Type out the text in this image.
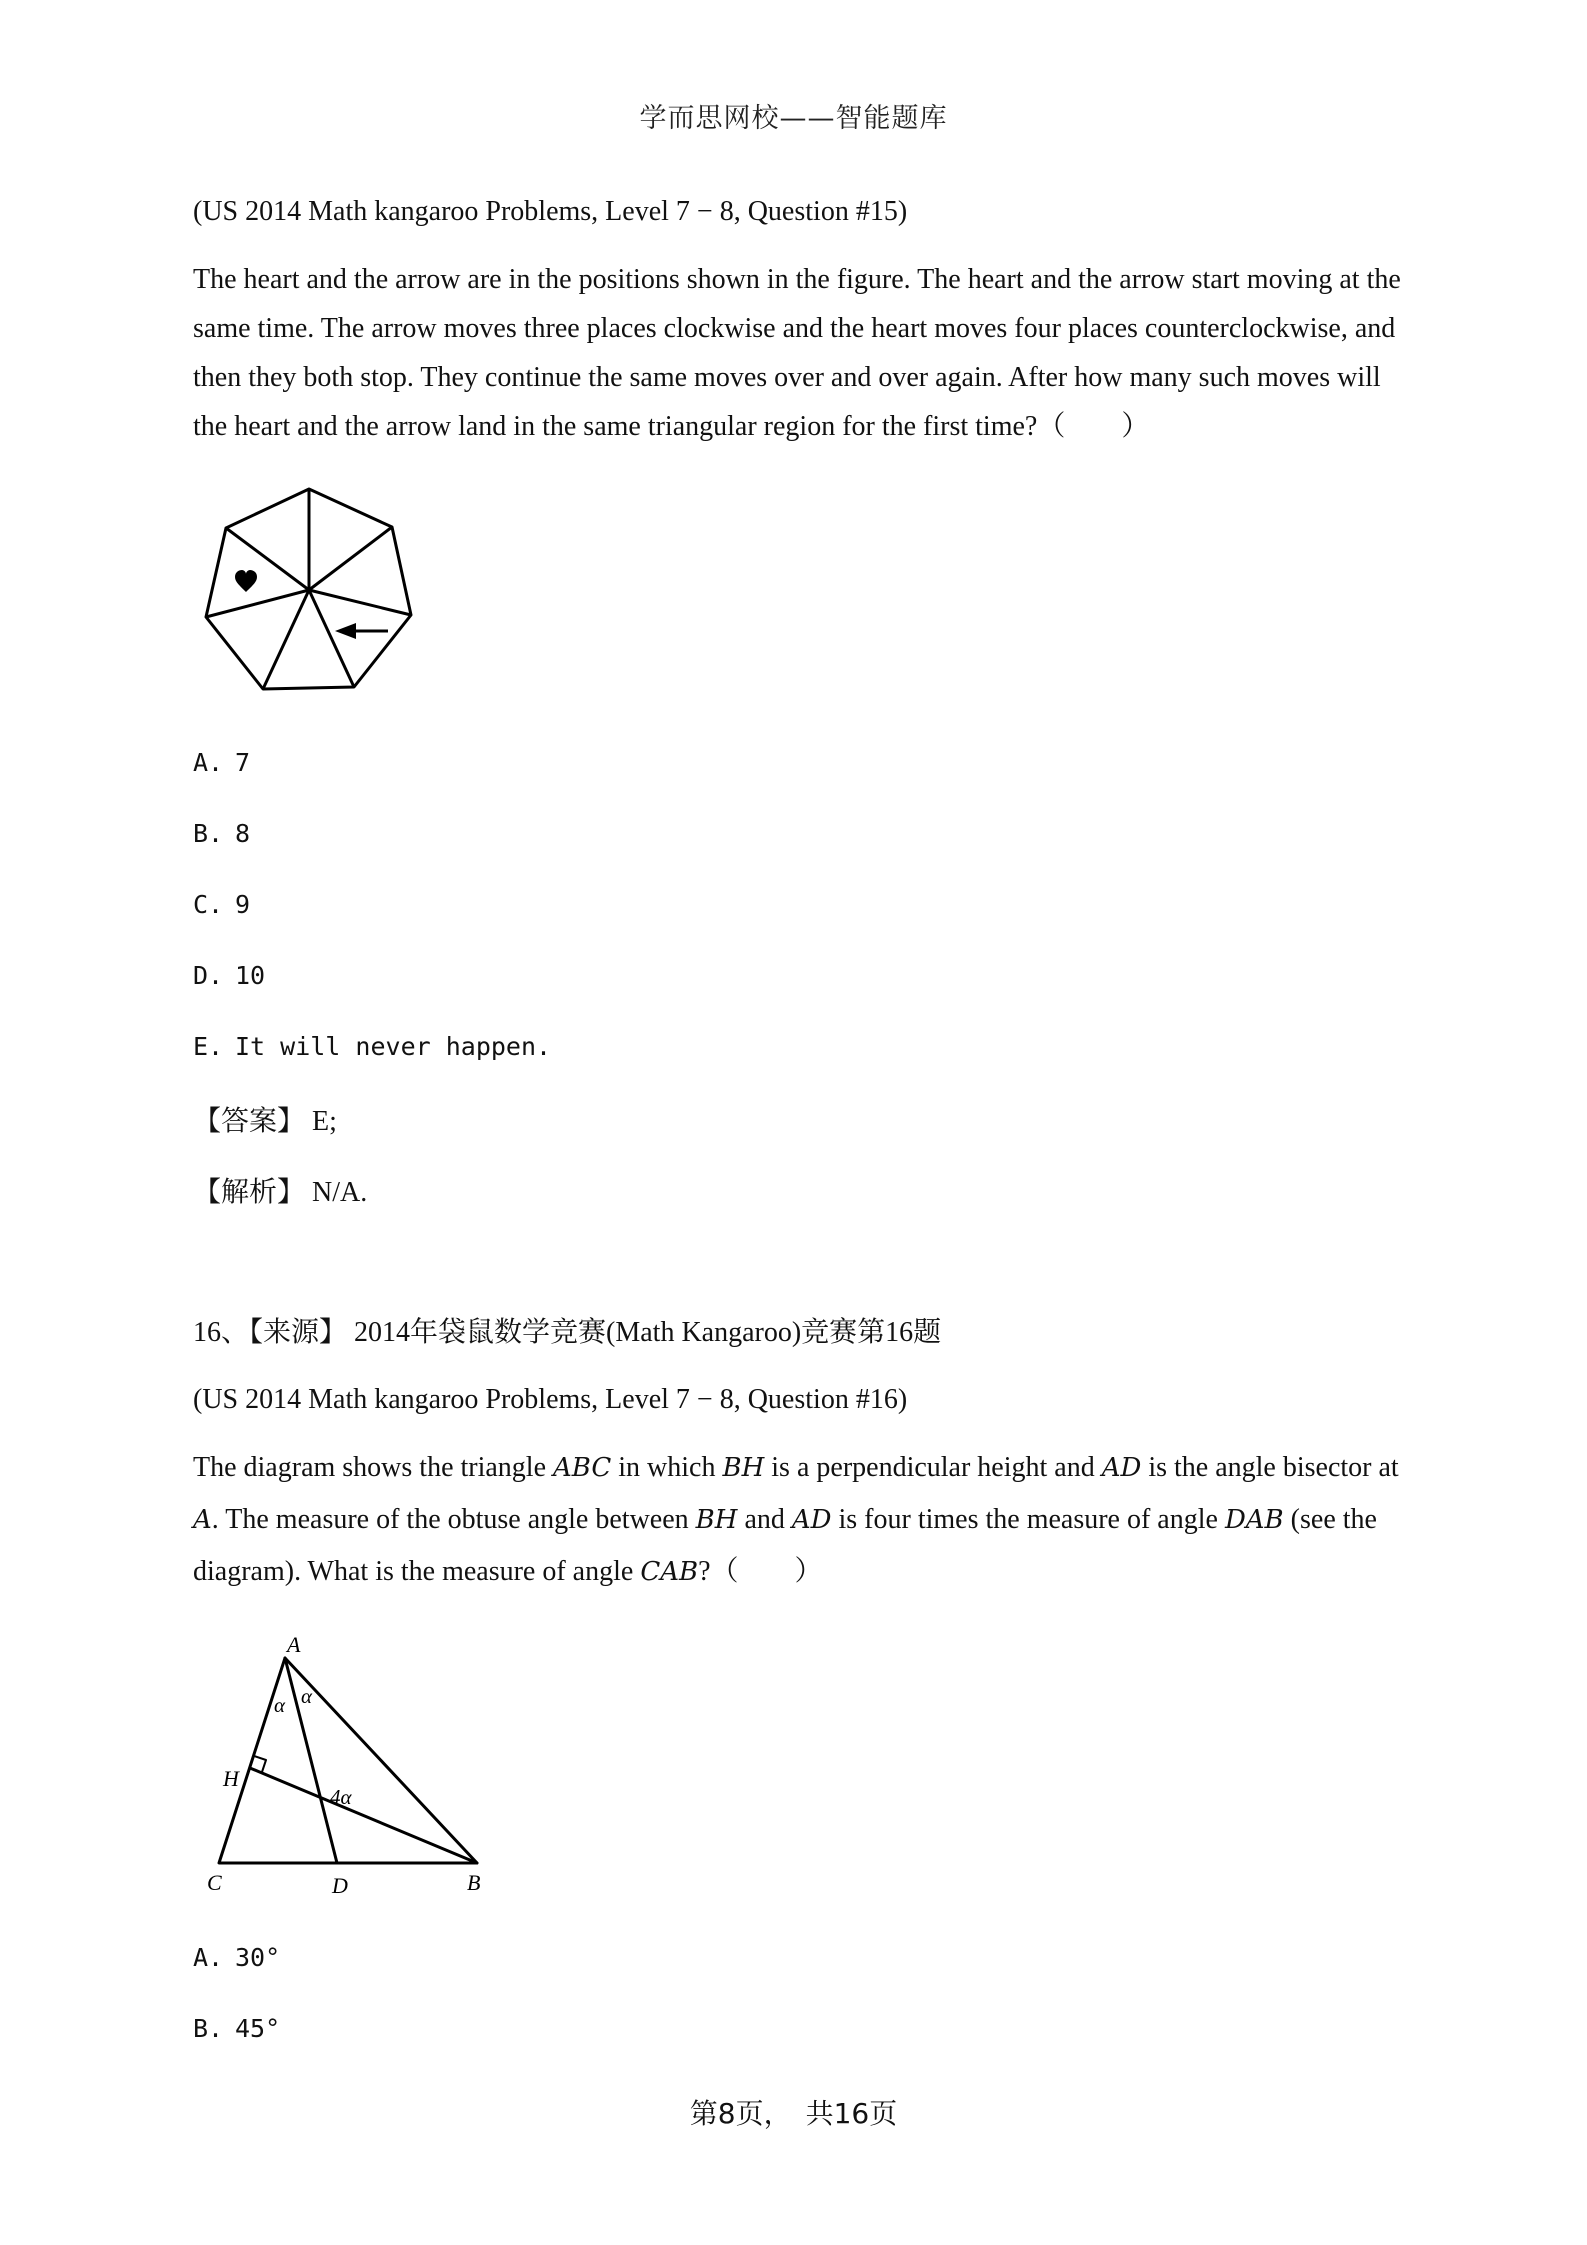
学而思网校——智能题库
(US 2014 Math kangaroo Problems, Level 7 − 8, Question #15)
The heart and the arrow are in the positions shown in the figure. The heart and the arrow start moving at the same time. The arrow moves three places clockwise and the heart moves four places counterclockwise, and then they both stop. They continue the same moves over and over again. After how many such moves will the heart and the arrow land in the same triangular region for the first time?（　　）
A. 7
B. 8
C. 9
D. 10
E. It will never happen.
【答案】 E;
【解析】 N/A.
16、【来源】 2014年袋鼠数学竞赛(Math Kangaroo)竞赛第16题
(US 2014 Math kangaroo Problems, Level 7 − 8, Question #16)
The diagram shows the triangle ABC in which BH is a perpendicular height and AD is the angle bisector at A. The measure of the obtuse angle between BH and AD is four times the measure of angle DAB (see the diagram). What is the measure of angle CAB?（　　）
A
H
C	D	B
α α
4α
A. 30°
B. 45°
第8页，　共16页
